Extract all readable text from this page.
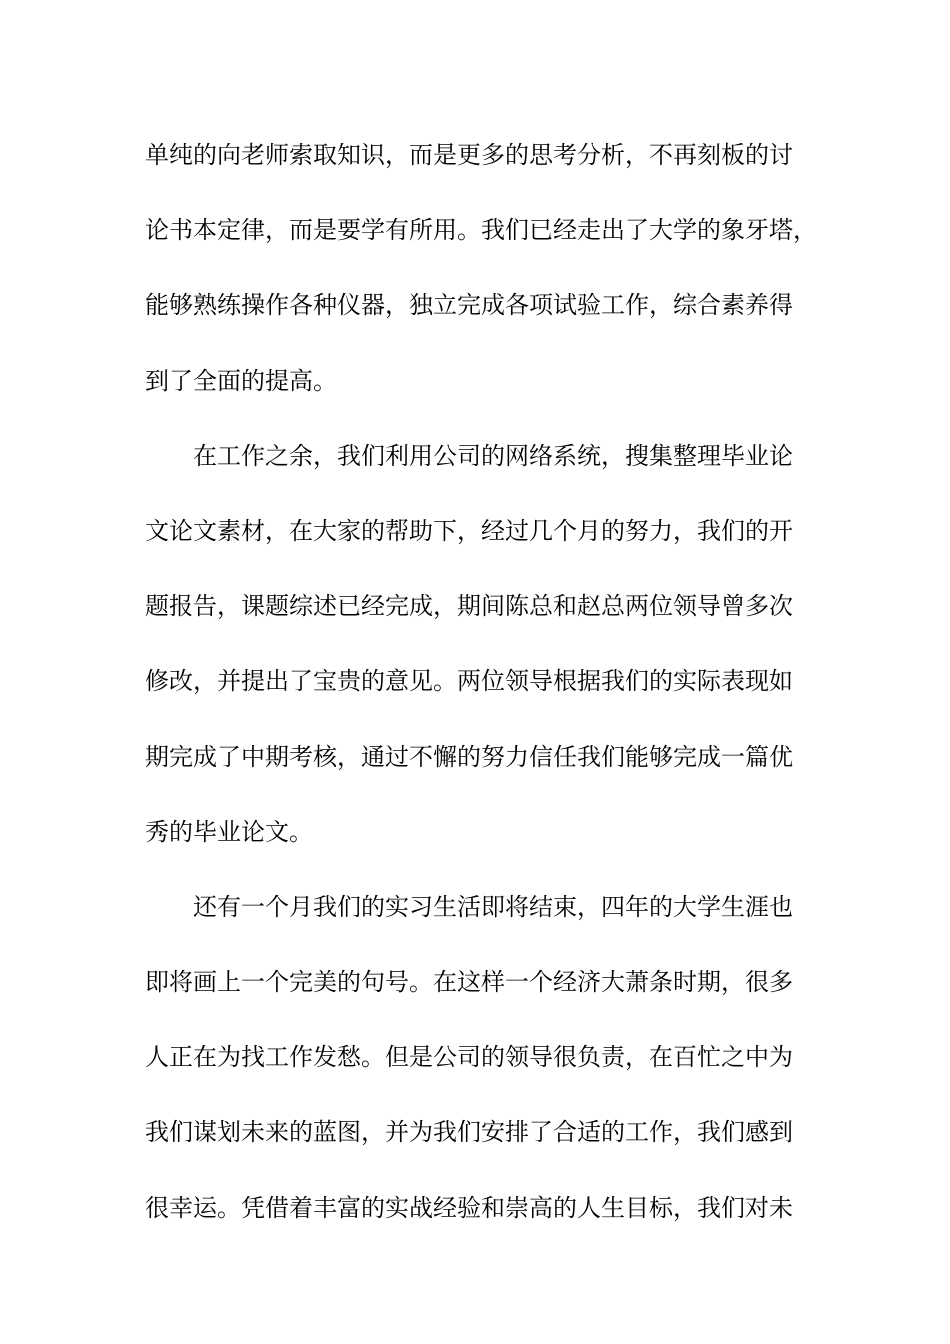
单纯的向老师索取知识，而是更多的思考分析，不再刻板的讨
论书本定律，而是要学有所用。我们已经走出了大学的象牙塔，
能够熟练操作各种仪器，独立完成各项试验工作，综合素养得
到了全面的提高。
在工作之余，我们利用公司的网络系统，搜集整理毕业论
文论文素材，在大家的帮助下，经过几个月的努力，我们的开
题报告，课题综述已经完成，期间陈总和赵总两位领导曾多次
修改，并提出了宝贵的意见。两位领导根据我们的实际表现如
期完成了中期考核，通过不懈的努力信任我们能够完成一篇优
秀的毕业论文。
还有一个月我们的实习生活即将结束，四年的大学生涯也
即将画上一个完美的句号。在这样一个经济大萧条时期，很多
人正在为找工作发愁。但是公司的领导很负责，在百忙之中为
我们谋划未来的蓝图，并为我们安排了合适的工作，我们感到
很幸运。凭借着丰富的实战经验和崇高的人生目标，我们对未
